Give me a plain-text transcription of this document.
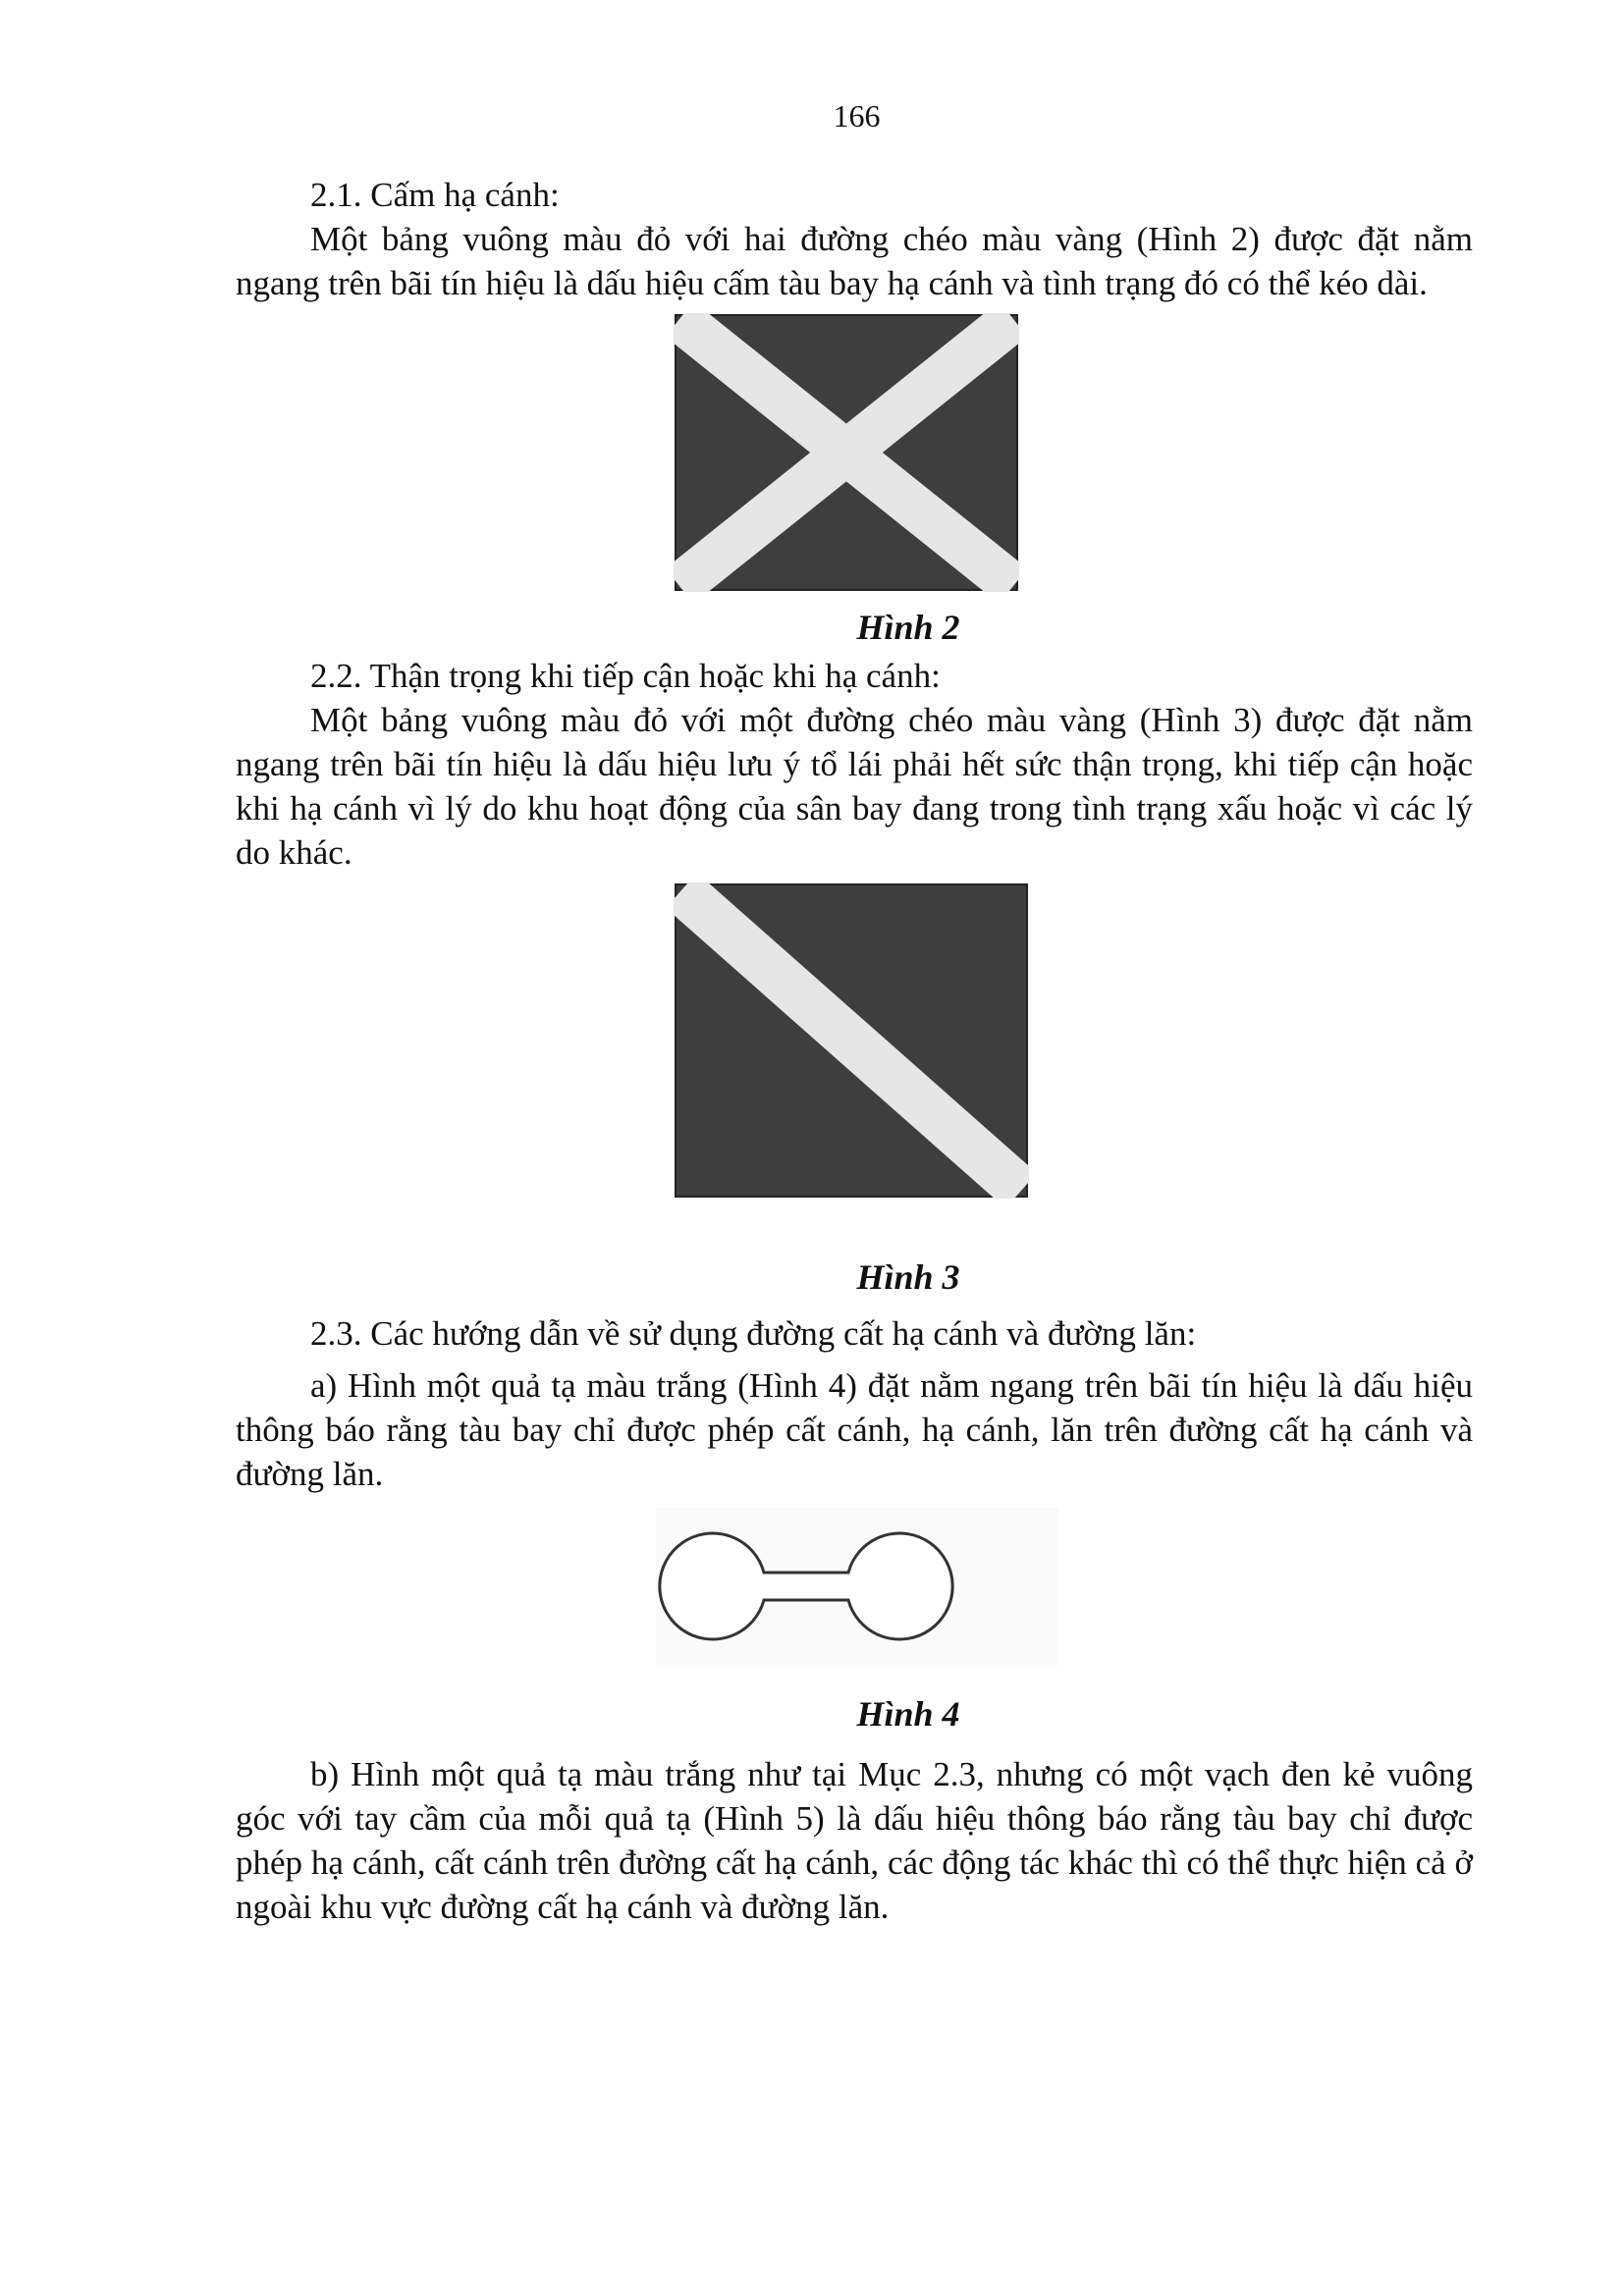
166

2.1. Cấm hạ cánh:

Một bảng vuông màu đỏ với hai đường chéo màu vàng (Hình 2) được đặt nằm ngang trên bãi tín hiệu là dấu hiệu cấm tàu bay hạ cánh và tình trạng đó có thể kéo dài.

Hình 2

2.2. Thận trọng khi tiếp cận hoặc khi hạ cánh:

Một bảng vuông màu đỏ với một đường chéo màu vàng (Hình 3) được đặt nằm ngang trên bãi tín hiệu là dấu hiệu lưu ý tổ lái phải hết sức thận trọng, khi tiếp cận hoặc khi hạ cánh vì lý do khu hoạt động của sân bay đang trong tình trạng xấu hoặc vì các lý do khác.

Hình 3

2.3. Các hướng dẫn về sử dụng đường cất hạ cánh và đường lăn:

a) Hình một quả tạ màu trắng (Hình 4) đặt nằm ngang trên bãi tín hiệu là dấu hiệu thông báo rằng tàu bay chỉ được phép cất cánh, hạ cánh, lăn trên đường cất hạ cánh và đường lăn.

Hình 4

b) Hình một quả tạ màu trắng như tại Mục 2.3, nhưng có một vạch đen kẻ vuông góc với tay cầm của mỗi quả tạ (Hình 5) là dấu hiệu thông báo rằng tàu bay chỉ được phép hạ cánh, cất cánh trên đường cất hạ cánh, các động tác khác thì có thể thực hiện cả ở ngoài khu vực đường cất hạ cánh và đường lăn.
